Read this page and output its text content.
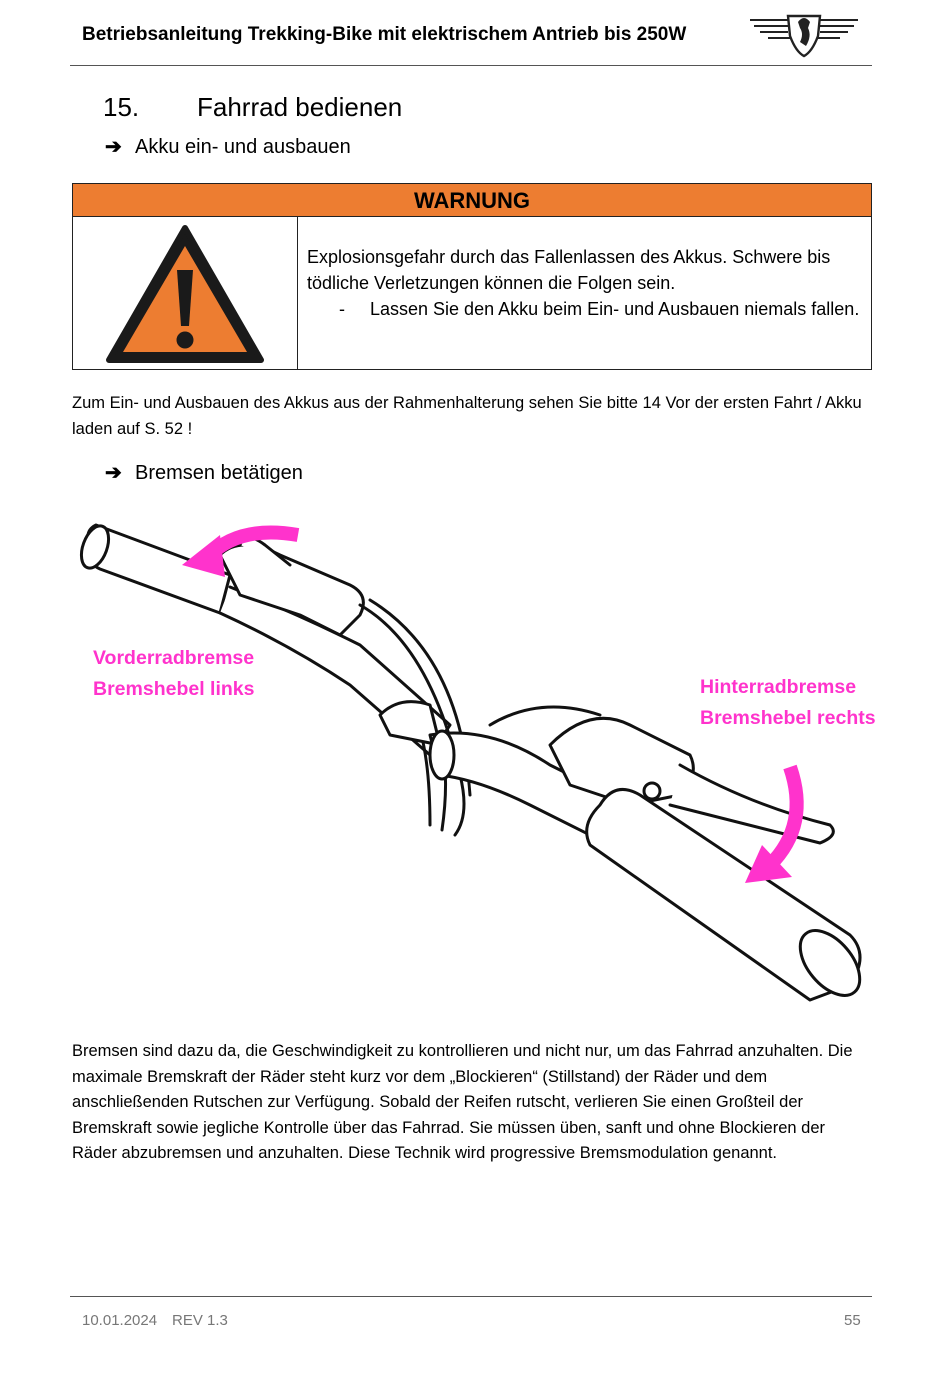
Betriebsanleitung Trekking-Bike mit elektrischem Antrieb bis 250W
15. Fahrrad bedienen
➔ Akku ein- und ausbauen
WARNUNG
Explosionsgefahr durch das Fallenlassen des Akkus. Schwere bis tödliche Verletzungen können die Folgen sein.
- Lassen Sie den Akku beim Ein- und Ausbauen niemals fallen.
Zum Ein- und Ausbauen des Akkus aus der Rahmenhalterung sehen Sie bitte 14 Vor der ersten Fahrt / Akku laden auf S. 52 !
➔ Bremsen betätigen
Vorderradbremse
Bremshebel links	Hinterradbremse
Bremshebel rechts
Bremsen sind dazu da, die Geschwindigkeit zu kontrollieren und nicht nur, um das Fahrrad anzuhalten. Die maximale Bremskraft der Räder steht kurz vor dem „Blockieren“ (Stillstand) der Räder und dem anschließenden Rutschen zur Verfügung. Sobald der Reifen rutscht, verlieren Sie einen Großteil der Bremskraft sowie jegliche Kontrolle über das Fahrrad. Sie müssen üben, sanft und ohne Blockieren der Räder abzubremsen und anzuhalten. Diese Technik wird progressive Bremsmodulation genannt.
10.01.2024 REV 1.3	55
